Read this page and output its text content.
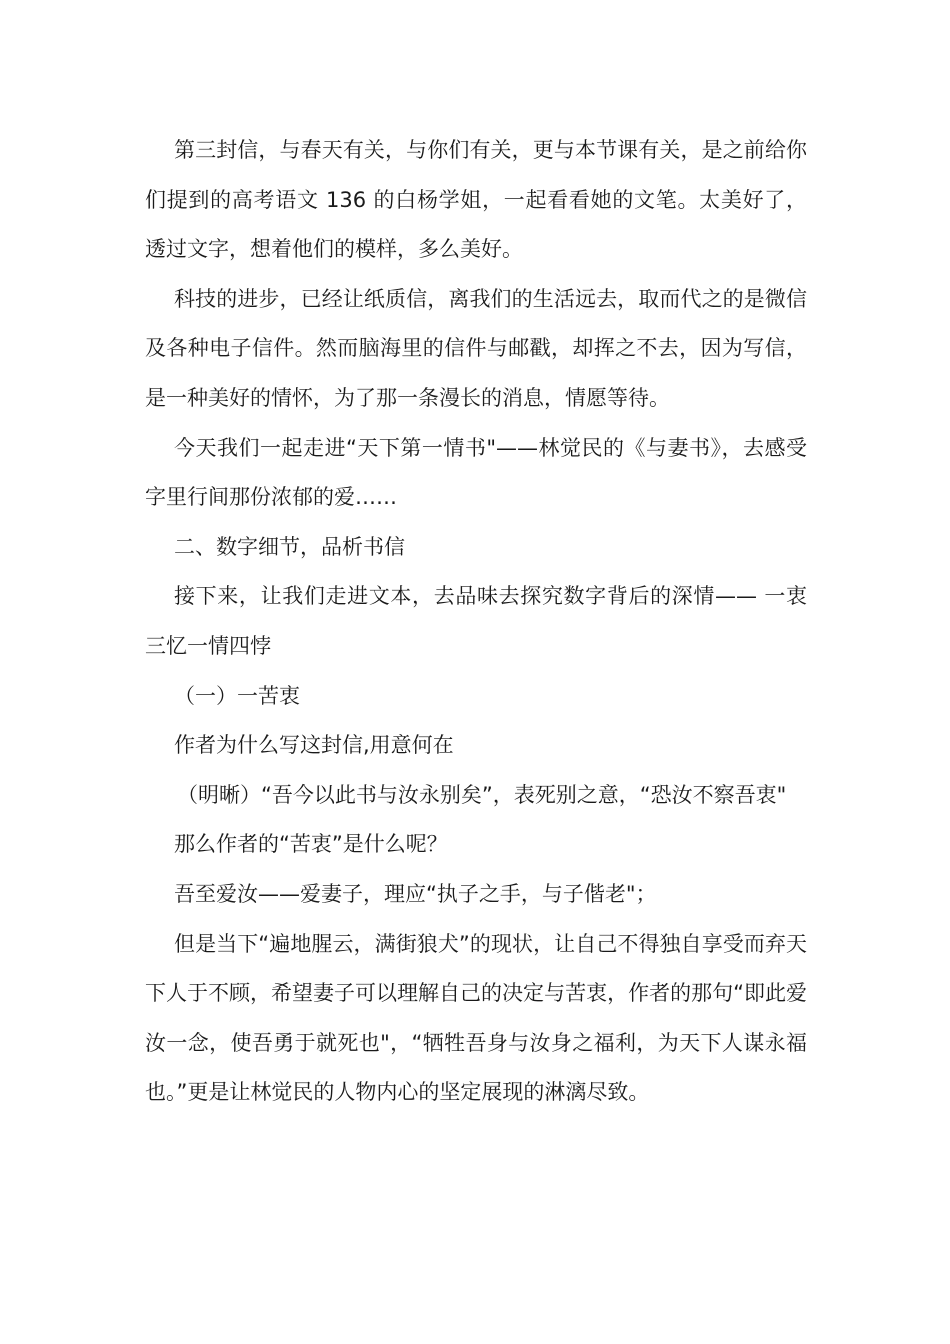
第三封信，与春天有关，与你们有关，更与本节课有关，是之前给你们提到的高考语文 136 的白杨学姐，一起看看她的文笔。太美好了，透过文字，想着他们的模样，多么美好。

科技的进步，已经让纸质信，离我们的生活远去，取而代之的是微信及各种电子信件。然而脑海里的信件与邮戳，却挥之不去，因为写信，是一种美好的情怀，为了那一条漫长的消息，情愿等待。

今天我们一起走进“天下第一情书"——林觉民的《与妻书》，去感受字里行间那份浓郁的爱……

二、数字细节，品析书信

接下来，让我们走进文本，去品味去探究数字背后的深情—— 一衷三忆一情四悖

（一）一苦衷

作者为什么写这封信,用意何在

（明晰）“吾今以此书与汝永别矣”，表死别之意，“恐汝不察吾衷"

那么作者的“苦衷”是什么呢？

吾至爱汝——爱妻子，理应“执子之手，与子偕老"；

但是当下“遍地腥云，满街狼犬”的现状，让自己不得独自享受而弃天下人于不顾，希望妻子可以理解自己的决定与苦衷，作者的那句“即此爱汝一念，使吾勇于就死也"，“牺牲吾身与汝身之福利，为天下人谋永福也。”更是让林觉民的人物内心的坚定展现的淋漓尽致。
